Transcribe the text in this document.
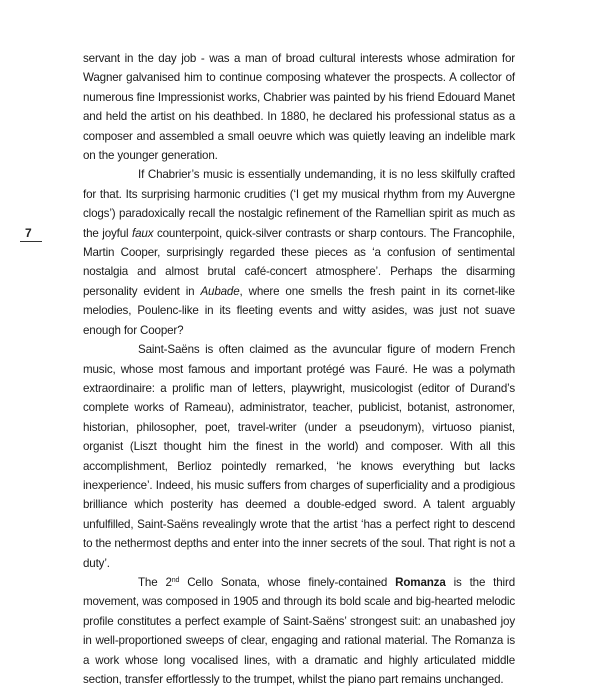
7

servant in the day job - was a man of broad cultural interests whose admiration for Wagner galvanised him to continue composing whatever the prospects. A collector of numerous fine Impressionist works, Chabrier was painted by his friend Edouard Manet and held the artist on his deathbed. In 1880, he declared his professional status as a composer and assembled a small oeuvre which was quietly leaving an indelible mark on the younger generation.

If Chabrier’s music is essentially undemanding, it is no less skilfully crafted for that. Its surprising harmonic crudities (‘I get my musical rhythm from my Auvergne clogs’) paradoxically recall the nostalgic refinement of the Ramellian spirit as much as the joyful faux counterpoint, quick-silver contrasts or sharp contours. The Francophile, Martin Cooper, surprisingly regarded these pieces as ‘a confusion of sentimental nostalgia and almost brutal café-concert atmosphere’. Perhaps the disarming personality evident in Aubade, where one smells the fresh paint in its cornet-like melodies, Poulenc-like in its fleeting events and witty asides, was just not suave enough for Cooper?

Saint-Saëns is often claimed as the avuncular figure of modern French music, whose most famous and important protégé was Fauré. He was a polymath extraordinaire: a prolific man of letters, playwright, musicologist (editor of Durand’s complete works of Rameau), administrator, teacher, publicist, botanist, astronomer, historian, philosopher, poet, travel-writer (under a pseudonym), virtuoso pianist, organist (Liszt thought him the finest in the world) and composer. With all this accomplishment, Berlioz pointedly remarked, ‘he knows everything but lacks inexperience’. Indeed, his music suffers from charges of superficiality and a prodigious brilliance which posterity has deemed a double-edged sword. A talent arguably unfulfilled, Saint-Saëns revealingly wrote that the artist ‘has a perfect right to descend to the nethermost depths and enter into the inner secrets of the soul. That right is not a duty’.

The 2nd Cello Sonata, whose finely-contained Romanza is the third movement, was composed in 1905 and through its bold scale and big-hearted melodic profile constitutes a perfect example of Saint-Saëns’ strongest suit: an unabashed joy in well-proportioned sweeps of clear, engaging and rational material. The Romanza is a work whose long vocalised lines, with a dramatic and highly articulated middle section, transfer effortlessly to the trumpet, whilst the piano part remains unchanged.
